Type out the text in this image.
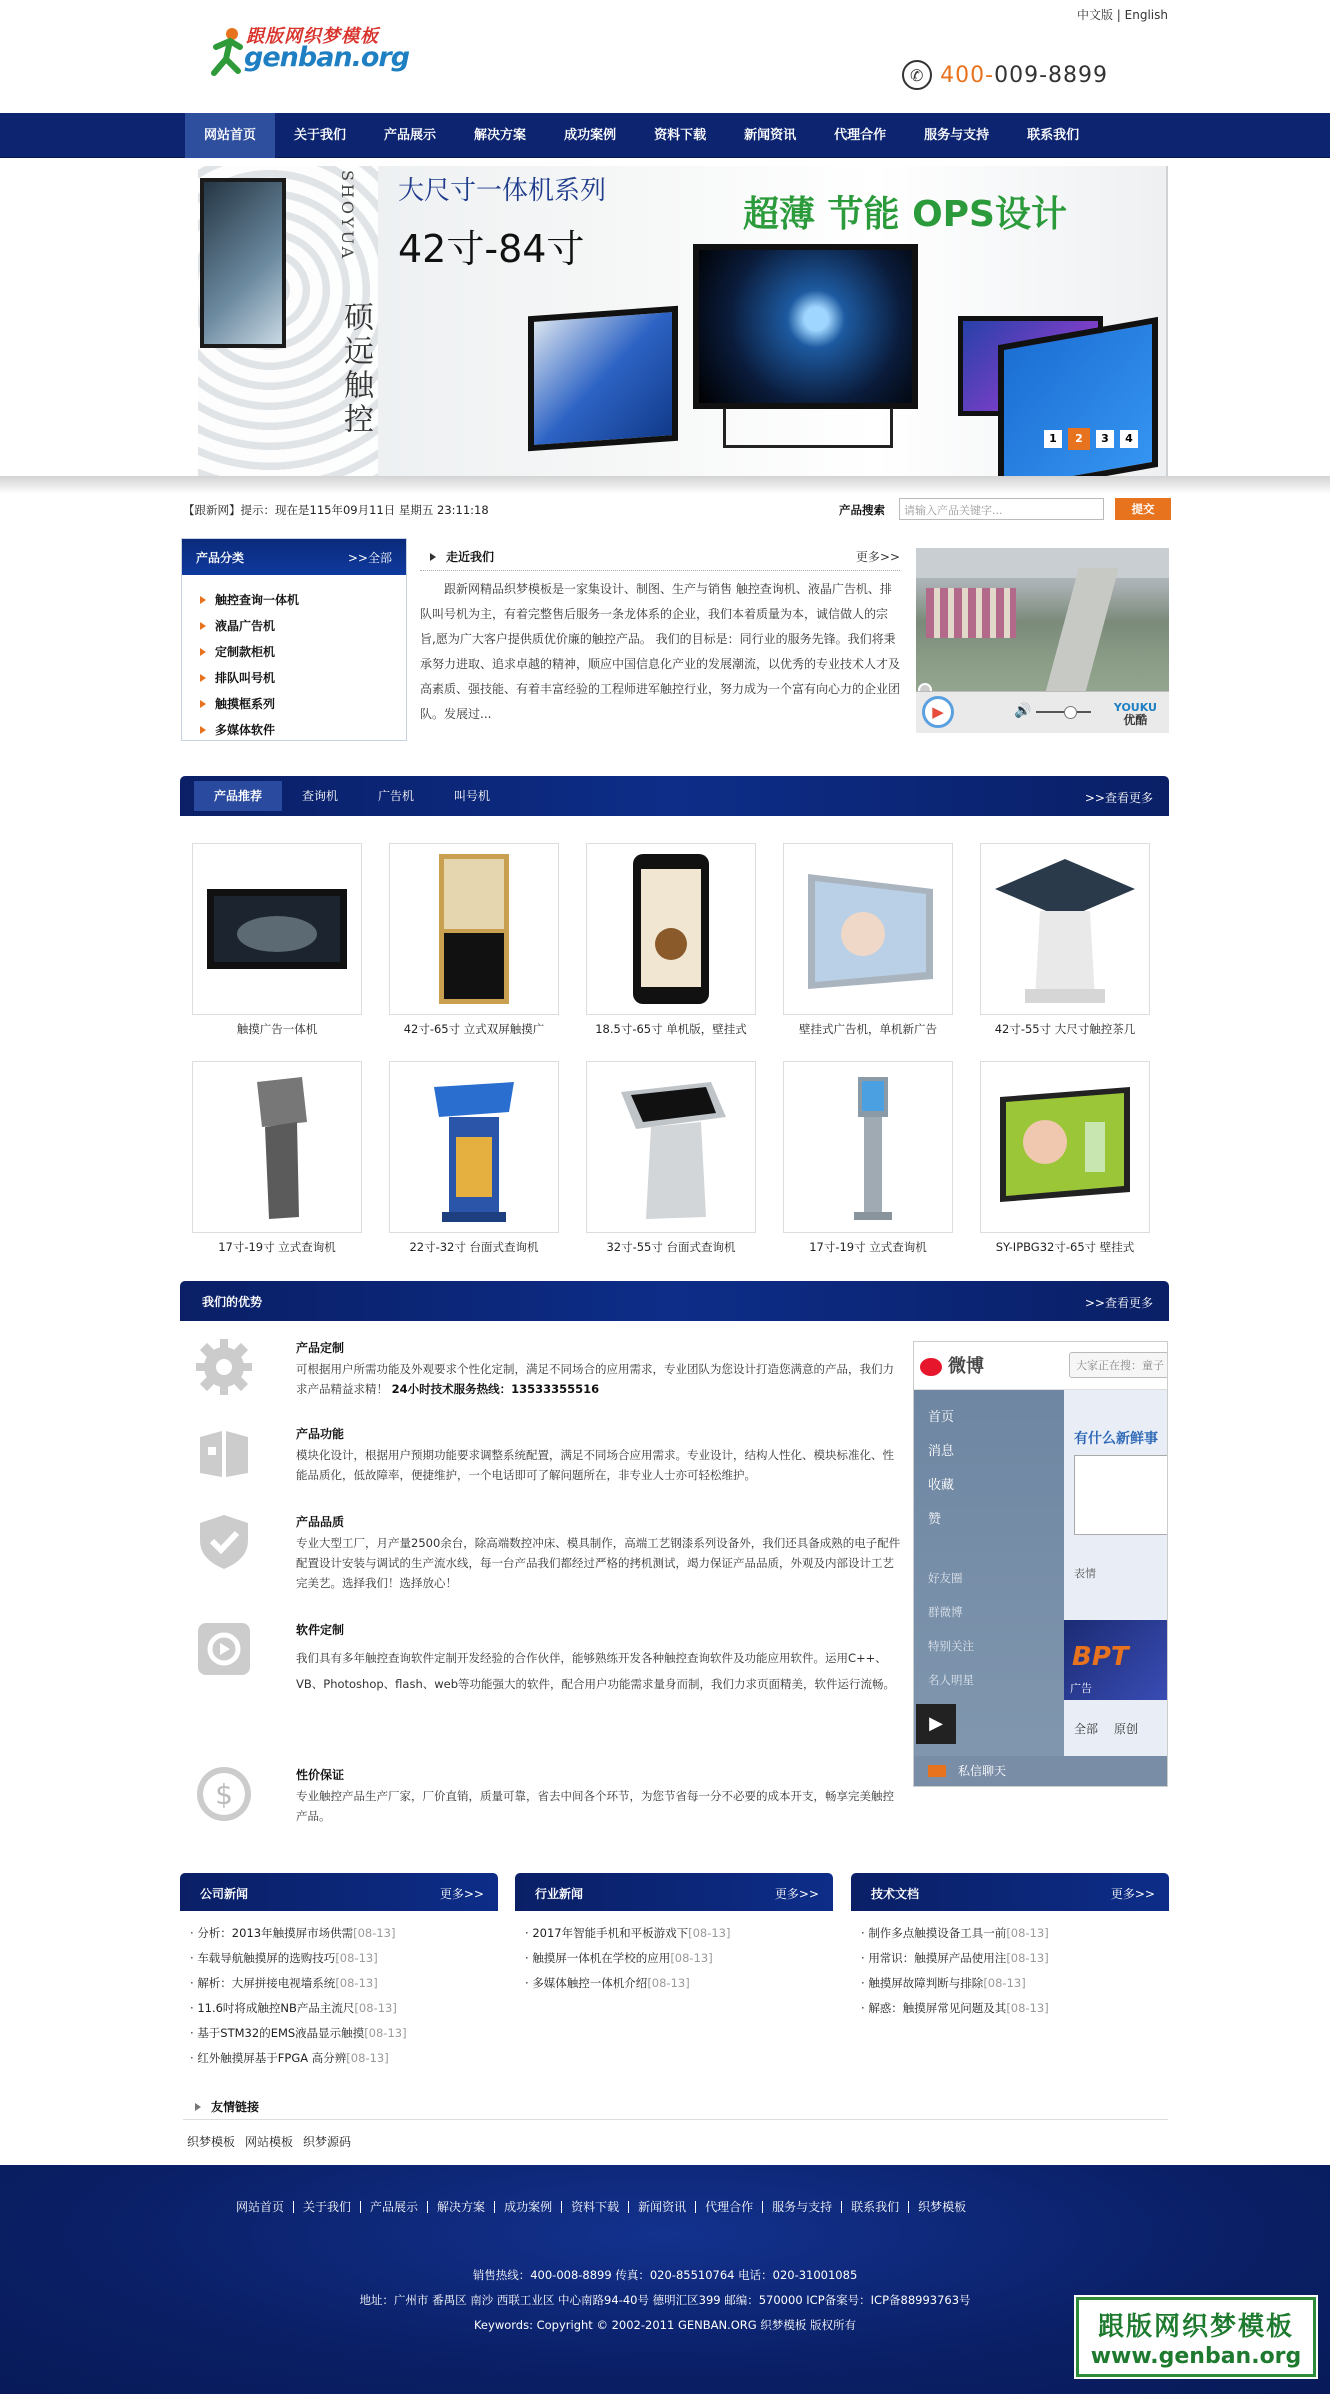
跟版网织梦模板
genban.org
中文版 | English
✆ 400- 009-8899
网站首页	关于我们	产品展示	解决方案	成功案例	资料下载	新闻资讯	代理合作	服务与支持	联系我们
SHOYUA
硕远触控
大尺寸一体机系列
42寸-84寸
超薄 节能 OPS设计
1	2	3	4
【跟新网】提示：现在是115年09月11日 星期五 23:11:18	产品搜索	请输入产品关键字...	提交
产品分类	>>全部
触控查询一体机
液晶广告机
定制款柜机
排队叫号机
触摸框系列
多媒体软件
走近我们	更多>>
跟新网精品织梦模板是一家集设计、制图、生产与销售 触控查询机、液晶广告机、排队叫号机为主，有着完整售后服务一条龙体系的企业，我们本着质量为本，诚信做人的宗旨,愿为广大客户提供质优价廉的触控产品。 我们的目标是：同行业的服务先锋。我们将秉承努力进取、追求卓越的精神，顺应中国信息化产业的发展潮流，以优秀的专业技术人才及高素质、强技能、有着丰富经验的工程师进军触控行业，努力成为一个富有向心力的企业团队。发展过...	▶	🔊	YOUKU
优酷
产品推荐	查询机	广告机	叫号机	>>查看更多
触摸广告一体机	42寸-65寸 立式双屏触摸广	18.5寸-65寸 单机版，壁挂式	壁挂式广告机，单机新广告	42寸-55寸 大尺寸触控茶几
17寸-19寸 立式查询机	22寸-32寸 台面式查询机	32寸-55寸 台面式查询机	17寸-19寸 立式查询机	SY-IPBG32寸-65寸 壁挂式
我们的优势	>>查看更多
产品定制
可根据用户所需功能及外观要求个性化定制，满足不同场合的应用需求，专业团队为您设计打造您满意的产品，我们力求产品精益求精！ 24小时技术服务热线：13533355516
产品功能
模块化设计，根据用户预期功能要求调整系统配置，满足不同场合应用需求。专业设计，结构人性化、模块标准化、性能品质化，低故障率，便捷维护，一个电话即可了解问题所在，非专业人士亦可轻松维护。
产品品质
专业大型工厂，月产量2500余台，除高端数控冲床、模具制作，高端工艺钢漆系列设备外，我们还具备成熟的电子配件配置设计安装与调试的生产流水线，每一台产品我们都经过严格的拷机测试，竭力保证产品品质，外观及内部设计工艺完美艺。选择我们！选择放心！
软件定制
我们具有多年触控查询软件定制开发经验的合作伙伴，能够熟练开发各种触控查询软件及功能应用软件。运用C++、VB、Photoshop、flash、web等功能强大的软件，配合用户功能需求量身而制，我们力求页面精美，软件运行流畅。
$
性价保证
专业触控产品生产厂家，厂价直销，质量可靠，省去中间各个环节，为您节省每一分不必要的成本开支，畅享完美触控产品。
微博	大家正在搜：童子
首页
消息
收藏
赞
好友圈
群微博
特别关注
名人明星
有什么新鲜事
表情
BPT
广告
全部 原创
▶
私信聊天
公司新闻	更多>>
· 分析：2013年触摸屏市场供需[08-13]
· 车载导航触摸屏的选购技巧[08-13]
· 解析：大屏拼接电视墙系统[08-13]
· 11.6吋将成触控NB产品主流尺[08-13]
· 基于STM32的EMS液晶显示触摸[08-13]
· 红外触摸屏基于FPGA 高分辨[08-13]
行业新闻	更多>>
· 2017年智能手机和平板游戏下[08-13]
· 触摸屏一体机在学校的应用[08-13]
· 多媒体触控一体机介绍[08-13]
技术文档	更多>>
· 制作多点触摸设备工具一前[08-13]
· 用常识：触摸屏产品使用注[08-13]
· 触摸屏故障判断与排除[08-13]
· 解惑：触摸屏常见问题及其[08-13]
友情链接
织梦模板 网站模板 织梦源码
网站首页	关于我们	产品展示	解决方案	成功案例	资料下载	新闻资讯	代理合作	服务与支持	联系我们	织梦模板
销售热线：400-008-8899 传真：020-85510764 电话：020-31001085
地址：广州市 番禺区 南沙 西联工业区 中心南路94-40号 德明汇区399 邮编：570000 ICP备案号：ICP备88993763号
Keywords: Copyright © 2002-2011 GENBAN.ORG 织梦模板 版权所有	跟版网织梦模板
www.genban.org
